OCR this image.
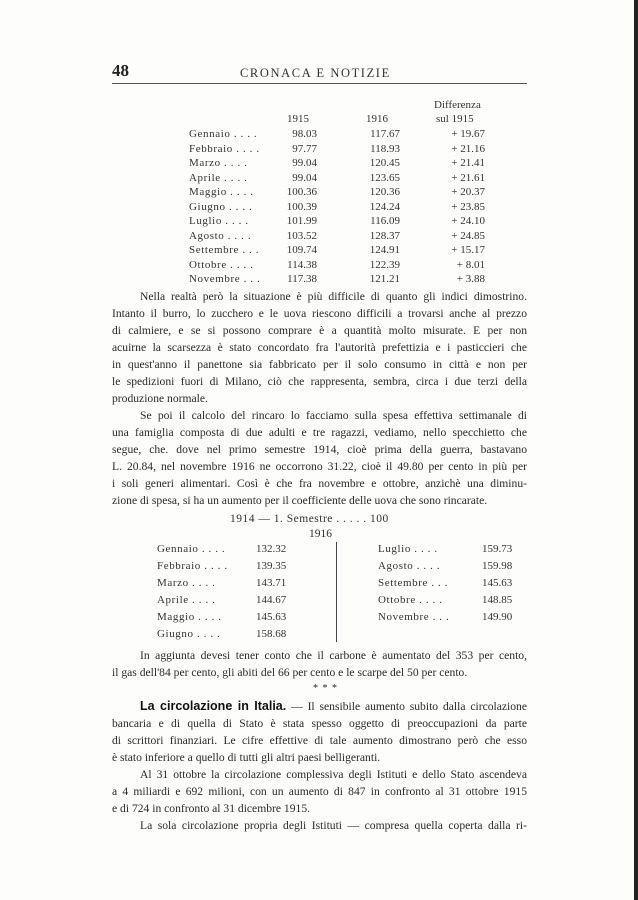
48	CRONACA E NOTIZIE
Differenza
1915	1916	sul 1915
Gennaio . . . .	98.03	117.67	+ 19.67
Febbraio . . . .	97.77	118.93	+ 21.16
Marzo . . . .	99.04	120.45	+ 21.41
Aprile . . . .	99.04	123.65	+ 21.61
Maggio . . . .	100.36	120.36	+ 20.37
Giugno . . . .	100.39	124.24	+ 23.85
Luglio . . . .	101.99	116.09	+ 24.10
Agosto . . . .	103.52	128.37	+ 24.85
Settembre . . .	109.74	124.91	+ 15.17
Ottobre . . . .	114.38	122.39	+ 8.01
Novembre . . .	117.38	121.21	+ 3.88
Nella realtà però la situazione è più difficile di quanto gli indici dimostrino.
Intanto il burro, lo zucchero e le uova riescono difficili a trovarsi anche al prezzo
di calmiere, e se si possono comprare è a quantità molto misurate. E per non
acuirne la scarsezza è stato concordato fra l'autorità prefettizia e i pasticcieri che
in quest'anno il panettone sia fabbricato per il solo consumo in città e non per
le spedizioni fuori di Milano, ciò che rappresenta, sembra, circa i due terzi della
produzione normale.
Se poi il calcolo del rincaro lo facciamo sulla spesa effettiva settimanale di
una famiglia composta di due adulti e tre ragazzi, vediamo, nello specchietto che
segue, che. dove nel primo semestre 1914, cioè prima della guerra, bastavano
L. 20.84, nel novembre 1916 ne occorrono 31.22, cioè il 49.80 per cento in più per
i soli generi alimentari. Così è che fra novembre e ottobre, anzichè una diminu-
zione di spesa, si ha un aumento per il coefficiente delle uova che sono rincarate.
1914 — 1. Semestre . . . . . 100
1916
Gennaio . . . .	132.32
Febbraio . . . .	139.35
Marzo . . . .	143.71
Aprile . . . .	144.67
Maggio . . . .	145.63
Giugno . . . .	158.68
Luglio . . . .	159.73
Agosto . . . .	159.98
Settembre . . .	145.63
Ottobre . . . .	148.85
Novembre . . .	149.90
In aggiunta devesi tener conto che il carbone è aumentato del 353 per cento,
il gas dell'84 per cento, gli abiti del 66 per cento e le scarpe del 50 per cento.
La circolazione in Italia. — Il sensibile aumento subito dalla circolazione
bancaria e di quella di Stato è stata spesso oggetto di preoccupazioni da parte
di scrittori finanziari. Le cifre effettive di tale aumento dimostrano però che esso
è stato inferiore a quello di tutti gli altri paesi belligeranti.
Al 31 ottobre la circolazione complessiva degli Istituti e dello Stato ascendeva
a 4 miliardi e 692 milioni, con un aumento di 847 in confronto al 31 ottobre 1915
e di 724 in confronto al 31 dicembre 1915.
La sola circolazione propria degli Istituti — compresa quella coperta dalla ri-
* * *
